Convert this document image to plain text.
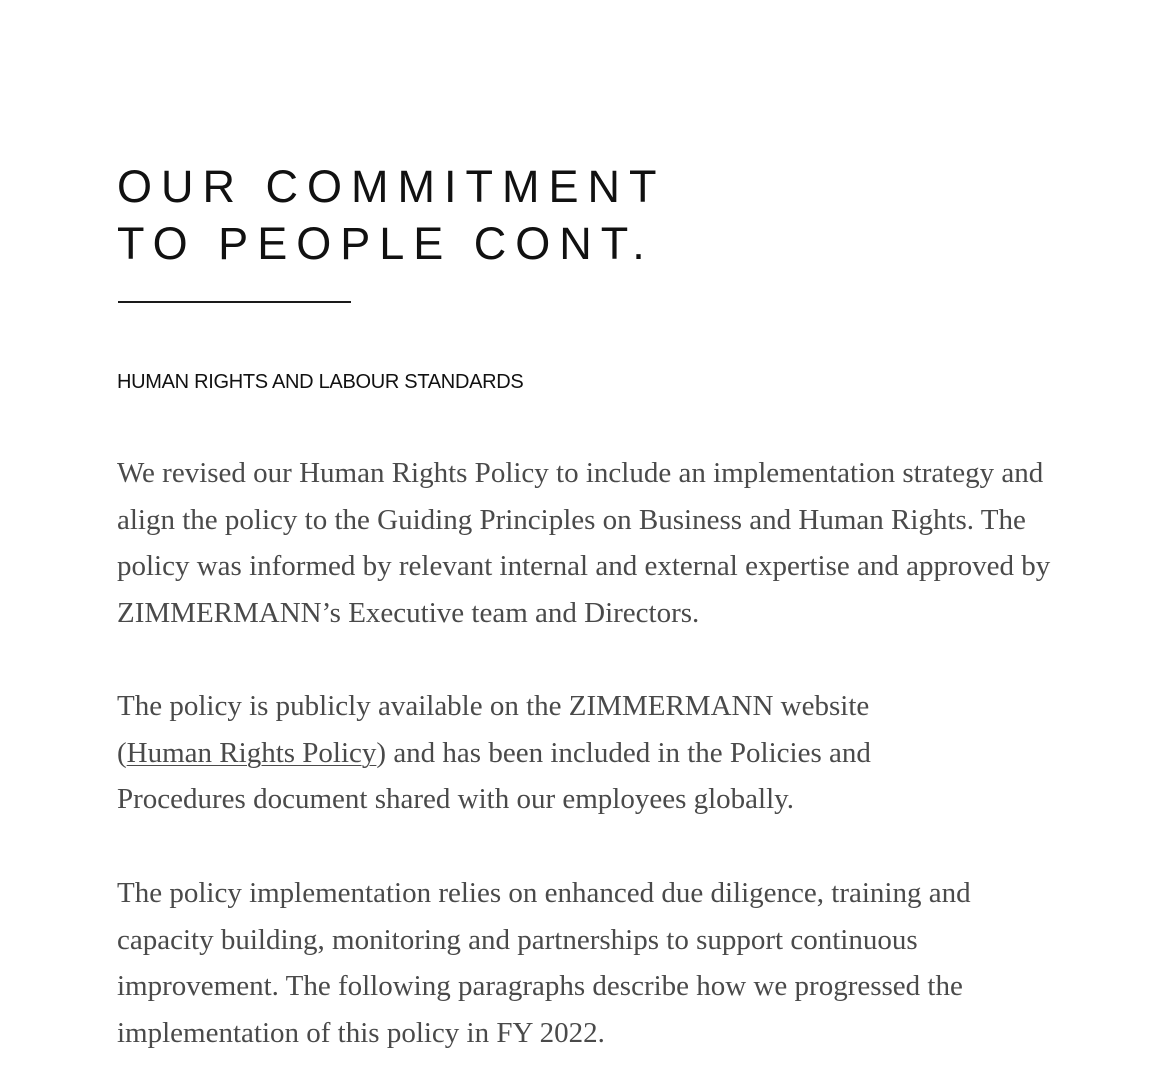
OUR COMMITMENT
TO PEOPLE CONT.
HUMAN RIGHTS AND LABOUR STANDARDS

We revised our Human Rights Policy to include an implementation strategy and
align the policy to the Guiding Principles on Business and Human Rights. The
policy was informed by relevant internal and external expertise and approved by
ZIMMERMANN’s Executive team and Directors.

The policy is publicly available on the ZIMMERMANN website
(Human Rights Policy) and has been included in the Policies and
Procedures document shared with our employees globally.

The policy implementation relies on enhanced due diligence, training and
capacity building, monitoring and partnerships to support continuous
improvement. The following paragraphs describe how we progressed the
implementation of this policy in FY 2022.
